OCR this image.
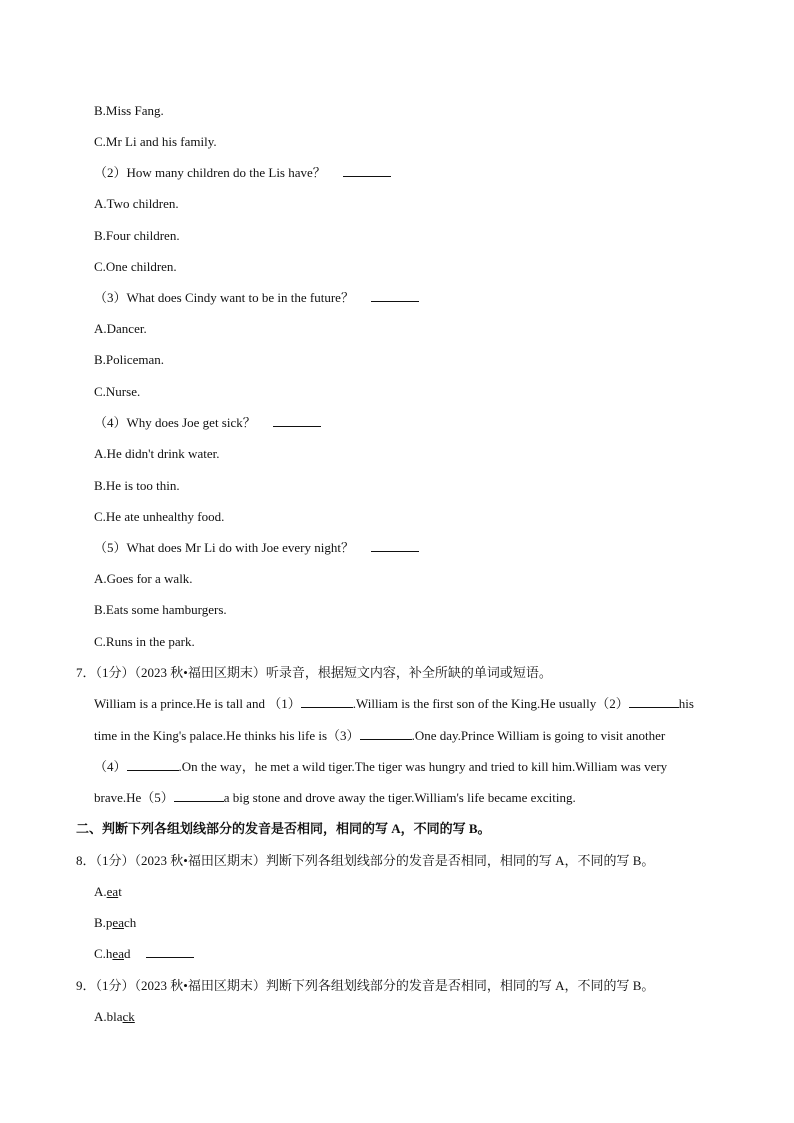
B.Miss Fang.
C.Mr Li and his family.
（2）How many children do the Lis have？
A.Two children.
B.Four children.
C.One children.
（3）What does Cindy want to be in the future？
A.Dancer.
B.Policeman.
C.Nurse.
（4）Why does Joe get sick？
A.He didn't drink water.
B.He is too thin.
C.He ate unhealthy food.
（5）What does Mr Li do with Joe every night？
A.Goes for a walk.
B.Eats some hamburgers.
C.Runs in the park.
7．（1分）（2023 秋•福田区期末）听录音，根据短文内容，补全所缺的单词或短语。
William is a prince.He is tall and （1）	.William is the first son of the King.He usually（2）	his
time in the King's palace.He thinks his life is（3）	.One day.Prince William is going to visit another
（4）	.On the way，he met a wild tiger.The tiger was hungry and tried to kill him.William was very
brave.He（5）	a big stone and drove away the tiger.William's life became exciting.
二、判断下列各组划线部分的发音是否相同，相同的写 A，不同的写 B。
8．（1分）（2023 秋•福田区期末）判断下列各组划线部分的发音是否相同，相同的写 A，不同的写 B。
A.eat
B.peach
C.head
9．（1分）（2023 秋•福田区期末）判断下列各组划线部分的发音是否相同，相同的写 A，不同的写 B。
A.black
